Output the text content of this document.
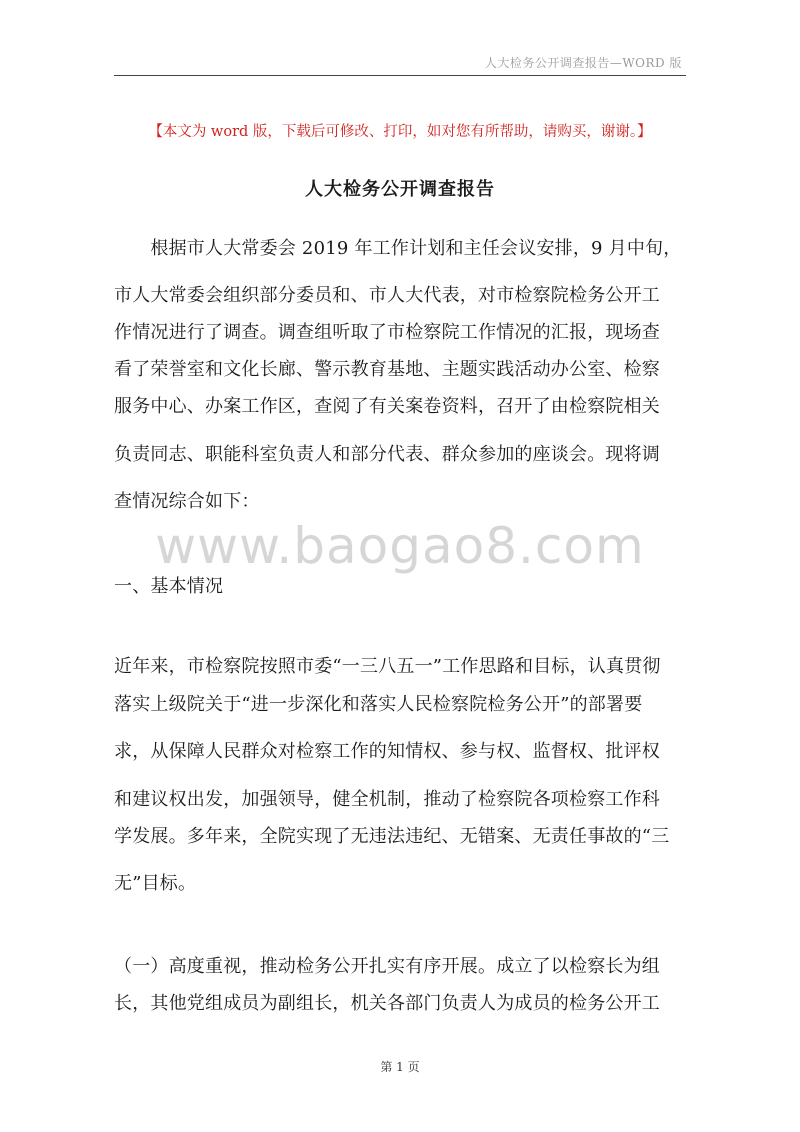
人大检务公开调查报告—WORD 版
【本文为 word 版，下载后可修改、打印，如对您有所帮助，请购买，谢谢。】
人大检务公开调查报告
　　根据市人大常委会 2019 年工作计划和主任会议安排，9 月中旬，
市人大常委会组织部分委员和、市人大代表，对市检察院检务公开工
作情况进行了调查。调查组听取了市检察院工作情况的汇报，现场查
看了荣誉室和文化长廊、警示教育基地、主题实践活动办公室、检察
服务中心、办案工作区，查阅了有关案卷资料，召开了由检察院相关
负责同志、职能科室负责人和部分代表、群众参加的座谈会。现将调
查情况综合如下：
www.baogao8.com
一、基本情况
近年来，市检察院按照市委“一三八五一”工作思路和目标，认真贯彻
落实上级院关于“进一步深化和落实人民检察院检务公开”的部署要
求，从保障人民群众对检察工作的知情权、参与权、监督权、批评权
和建议权出发，加强领导，健全机制，推动了检察院各项检察工作科
学发展。多年来，全院实现了无违法违纪、无错案、无责任事故的“三
无”目标。
（一）高度重视，推动检务公开扎实有序开展。成立了以检察长为组
长，其他党组成员为副组长，机关各部门负责人为成员的检务公开工
第 1 页
